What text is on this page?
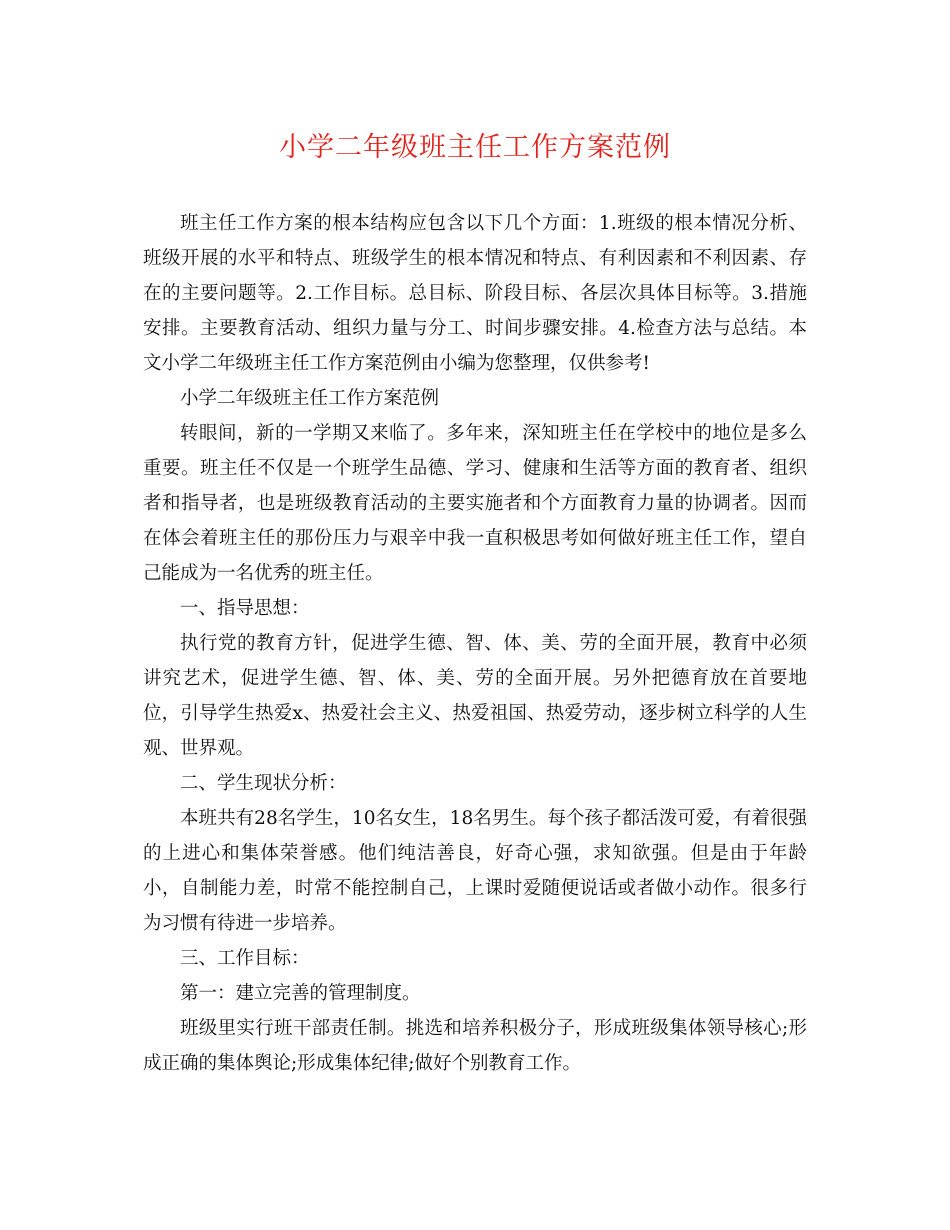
小学二年级班主任工作方案范例

班主任工作方案的根本结构应包含以下几个方面：1.班级的根本情况分析、班级开展的水平和特点、班级学生的根本情况和特点、有利因素和不利因素、存在的主要问题等。2.工作目标。总目标、阶段目标、各层次具体目标等。3.措施安排。主要教育活动、组织力量与分工、时间步骤安排。4.检查方法与总结。本文小学二年级班主任工作方案范例由小编为您整理，仅供参考!

小学二年级班主任工作方案范例

转眼间，新的一学期又来临了。多年来，深知班主任在学校中的地位是多么重要。班主任不仅是一个班学生品德、学习、健康和生活等方面的教育者、组织者和指导者，也是班级教育活动的主要实施者和个方面教育力量的协调者。因而在体会着班主任的那份压力与艰辛中我一直积极思考如何做好班主任工作，望自己能成为一名优秀的班主任。

一、指导思想：

执行党的教育方针，促进学生德、智、体、美、劳的全面开展，教育中必须讲究艺术，促进学生德、智、体、美、劳的全面开展。另外把德育放在首要地位，引导学生热爱x、热爱社会主义、热爱祖国、热爱劳动，逐步树立科学的人生观、世界观。

二、学生现状分析：

本班共有28名学生，10名女生，18名男生。每个孩子都活泼可爱，有着很强的上进心和集体荣誉感。他们纯洁善良，好奇心强，求知欲强。但是由于年龄小，自制能力差，时常不能控制自己，上课时爱随便说话或者做小动作。很多行为习惯有待进一步培养。

三、工作目标：

第一：建立完善的管理制度。

班级里实行班干部责任制。挑选和培养积极分子，形成班级集体领导核心;形成正确的集体舆论;形成集体纪律;做好个别教育工作。
